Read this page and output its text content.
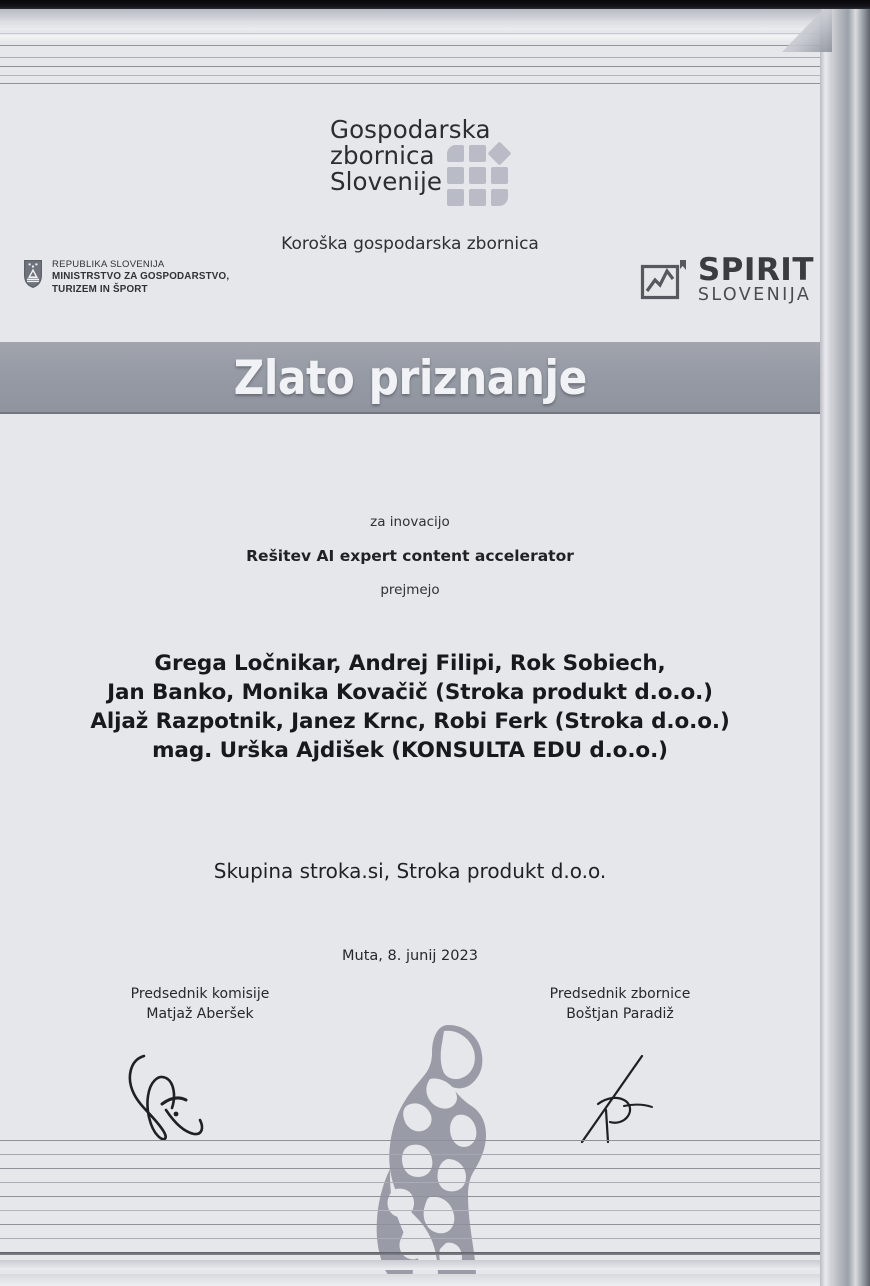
Gospodarska
zbornica
Slovenije
Koroška gospodarska zbornica
REPUBLIKA SLOVENIJA
MINISTRSTVO ZA GOSPODARSTVO,
TURIZEM IN ŠPORT
SPIRIT
SLOVENIJA
Zlato priznanje
za inovacijo
Rešitev AI expert content accelerator
prejmejo
Grega Ločnikar, Andrej Filipi, Rok Sobiech,
Jan Banko, Monika Kovačič (Stroka produkt d.o.o.)
Aljaž Razpotnik, Janez Krnc, Robi Ferk (Stroka d.o.o.)
mag. Urška Ajdišek (KONSULTA EDU d.o.o.)
Skupina stroka.si, Stroka produkt d.o.o.
Muta, 8. junij 2023
Predsednik komisije
Matjaž Aberšek
Predsednik zbornice
Boštjan Paradiž
